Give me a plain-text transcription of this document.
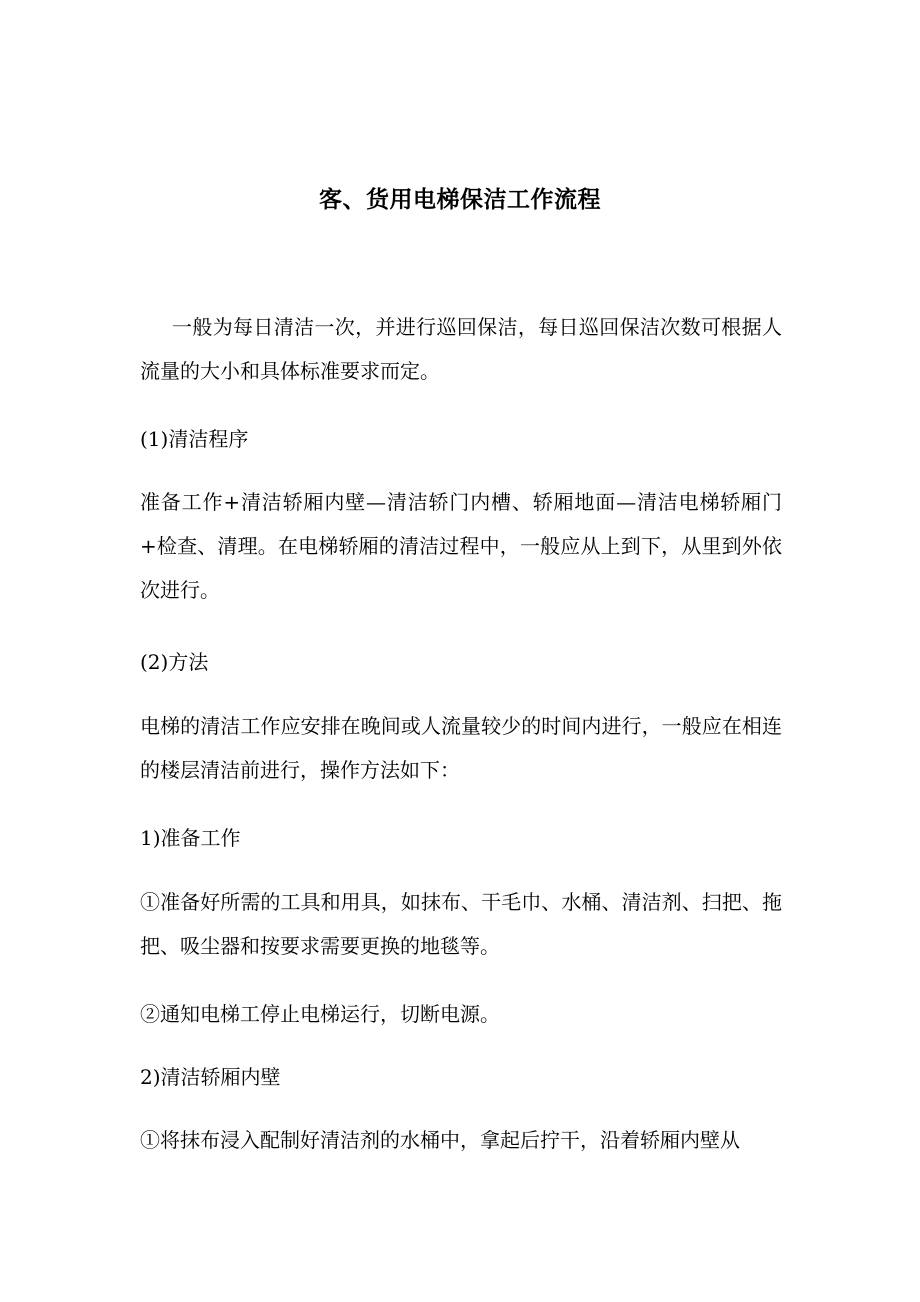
客、货用电梯保洁工作流程
一般为每日清洁一次，并进行巡回保洁，每日巡回保洁次数可根据人流量的大小和具体标准要求而定。
(1)清洁程序
准备工作+清洁轿厢内壁—清洁轿门内槽、轿厢地面—清洁电梯轿厢门+检查、清理。在电梯轿厢的清洁过程中，一般应从上到下，从里到外依次进行。
(2)方法
电梯的清洁工作应安排在晚间或人流量较少的时间内进行，一般应在相连的楼层清洁前进行，操作方法如下：
1)准备工作
①准备好所需的工具和用具，如抹布、干毛巾、水桶、清洁剂、扫把、拖把、吸尘器和按要求需要更换的地毯等。
②通知电梯工停止电梯运行，切断电源。
2)清洁轿厢内壁
①将抹布浸入配制好清洁剂的水桶中，拿起后拧干，沿着轿厢内壁从
